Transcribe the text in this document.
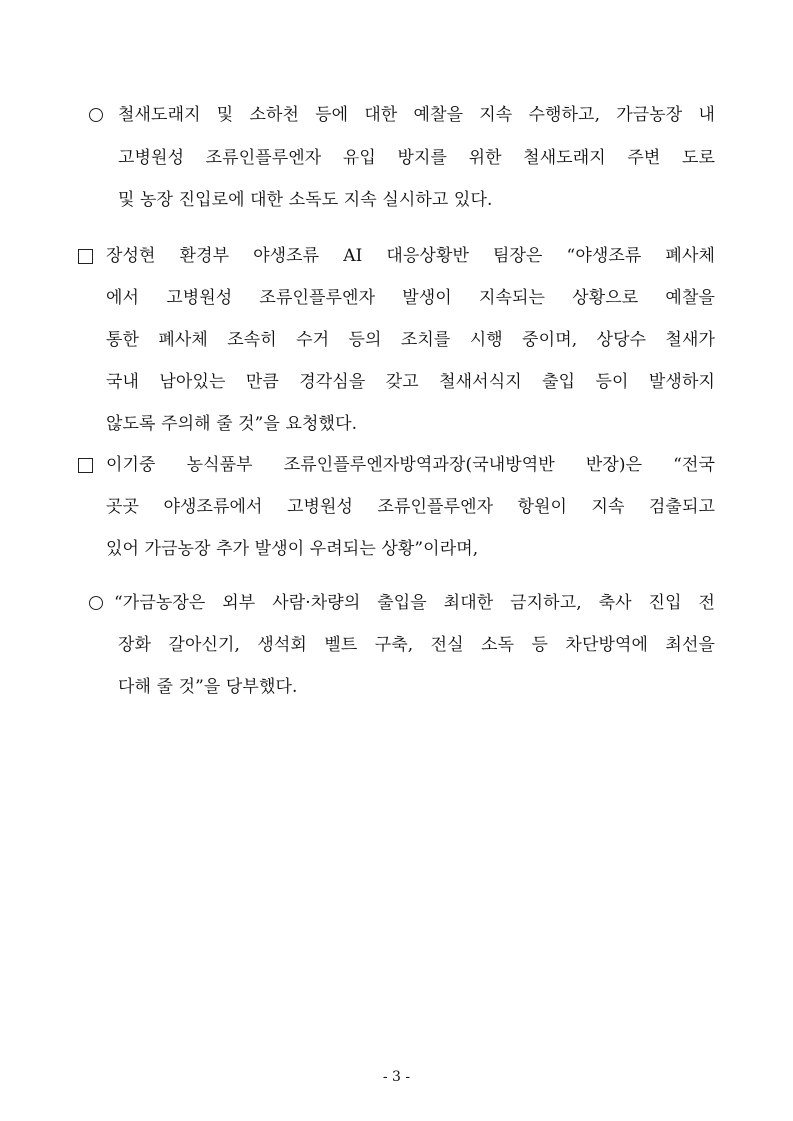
철새도래지 및 소하천 등에 대한 예찰을 지속 수행하고, 가금농장 내
고병원성 조류인플루엔자 유입 방지를 위한 철새도래지 주변 도로
및 농장 진입로에 대한 소독도 지속 실시하고 있다.
장성현 환경부 야생조류 AI 대응상황반 팀장은 “야생조류 폐사체
에서 고병원성 조류인플루엔자 발생이 지속되는 상황으로 예찰을
통한 폐사체 조속히 수거 등의 조치를 시행 중이며, 상당수 철새가
국내 남아있는 만큼 경각심을 갖고 철새서식지 출입 등이 발생하지
않도록 주의해 줄 것”을 요청했다.
이기중 농식품부 조류인플루엔자방역과장(국내방역반 반장)은 “전국
곳곳 야생조류에서 고병원성 조류인플루엔자 항원이 지속 검출되고
있어 가금농장 추가 발생이 우려되는 상황”이라며,
“가금농장은 외부 사람·차량의 출입을 최대한 금지하고, 축사 진입 전
장화 갈아신기, 생석회 벨트 구축, 전실 소독 등 차단방역에 최선을
다해 줄 것”을 당부했다.
- 3 -
